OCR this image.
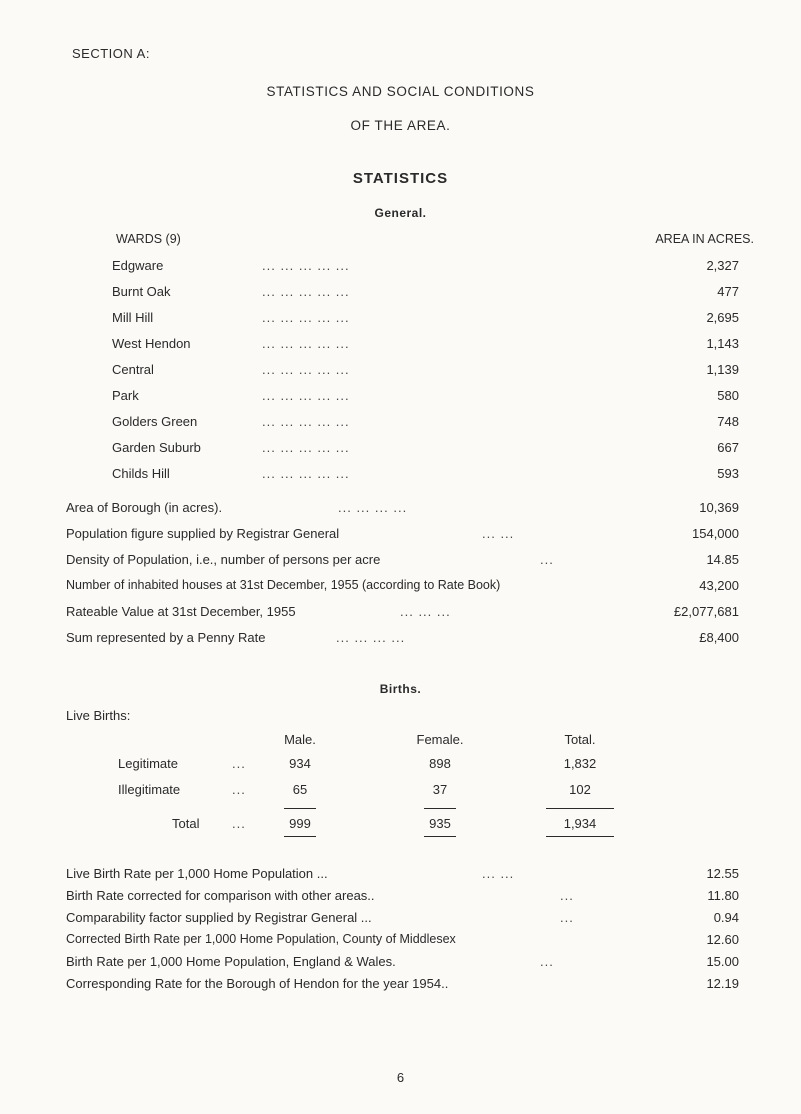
SECTION A:
STATISTICS AND SOCIAL CONDITIONS
OF THE AREA.
STATISTICS
General.
WARDS (9)	AREA IN ACRES.
Edgware	... ... ... ... ...	2,327
Burnt Oak	... ... ... ... ...	477
Mill Hill	... ... ... ... ...	2,695
West Hendon	... ... ... ... ...	1,143
Central	... ... ... ... ...	1,139
Park	... ... ... ... ...	580
Golders Green	... ... ... ... ...	748
Garden Suburb	... ... ... ... ...	667
Childs Hill	... ... ... ... ...	593
Area of Borough (in acres).	... ... ... ...	10,369
Population figure supplied by Registrar General	... ...	154,000
Density of Population, i.e., number of persons per acre	...	14.85
Number of inhabited houses at 31st December, 1955 (according to Rate Book)	43,200
Rateable Value at 31st December, 1955	... ... ...	£2,077,681
Sum represented by a Penny Rate	... ... ... ...	£8,400
Births.
Live Births:
Male.	Female.	Total.
Legitimate	...	934	898	1,832
Illegitimate	...	65	37	102
Total	...	999	935	1,934
Live Birth Rate per 1,000 Home Population ...	... ...	12.55
Birth Rate corrected for comparison with other areas..	...	11.80
Comparability factor supplied by Registrar General ...	...	0.94
Corrected Birth Rate per 1,000 Home Population, County of Middlesex	12.60
Birth Rate per 1,000 Home Population, England & Wales.	...	15.00
Corresponding Rate for the Borough of Hendon for the year 1954..	12.19
6
